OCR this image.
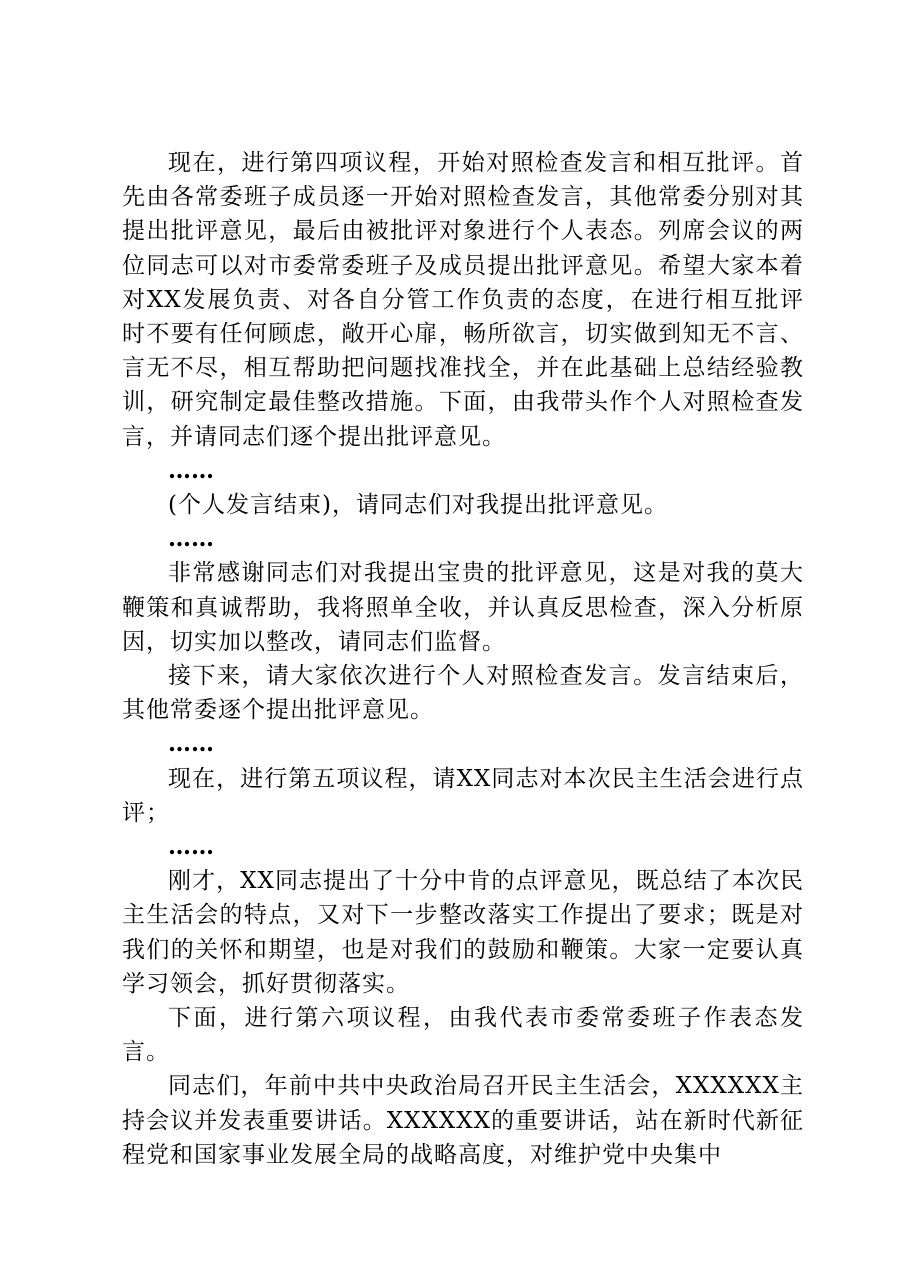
现在，进行第四项议程，开始对照检查发言和相互批评。首先由各常委班子成员逐一开始对照检查发言，其他常委分别对其提出批评意见，最后由被批评对象进行个人表态。列席会议的两位同志可以对市委常委班子及成员提出批评意见。希望大家本着对XX发展负责、对各自分管工作负责的态度，在进行相互批评时不要有任何顾虑，敞开心扉，畅所欲言，切实做到知无不言、言无不尽，相互帮助把问题找准找全，并在此基础上总结经验教训，研究制定最佳整改措施。下面，由我带头作个人对照检查发言，并请同志们逐个提出批评意见。

……

(个人发言结束)，请同志们对我提出批评意见。

……

非常感谢同志们对我提出宝贵的批评意见，这是对我的莫大鞭策和真诚帮助，我将照单全收，并认真反思检查，深入分析原因，切实加以整改，请同志们监督。

接下来，请大家依次进行个人对照检查发言。发言结束后，其他常委逐个提出批评意见。

……

现在，进行第五项议程，请XX同志对本次民主生活会进行点评；

……

刚才，XX同志提出了十分中肯的点评意见，既总结了本次民主生活会的特点，又对下一步整改落实工作提出了要求；既是对我们的关怀和期望，也是对我们的鼓励和鞭策。大家一定要认真学习领会，抓好贯彻落实。

下面，进行第六项议程，由我代表市委常委班子作表态发言。

同志们，年前中共中央政治局召开民主生活会，XXXXXX主持会议并发表重要讲话。XXXXXX的重要讲话，站在新时代新征程党和国家事业发展全局的战略高度，对维护党中央集中
